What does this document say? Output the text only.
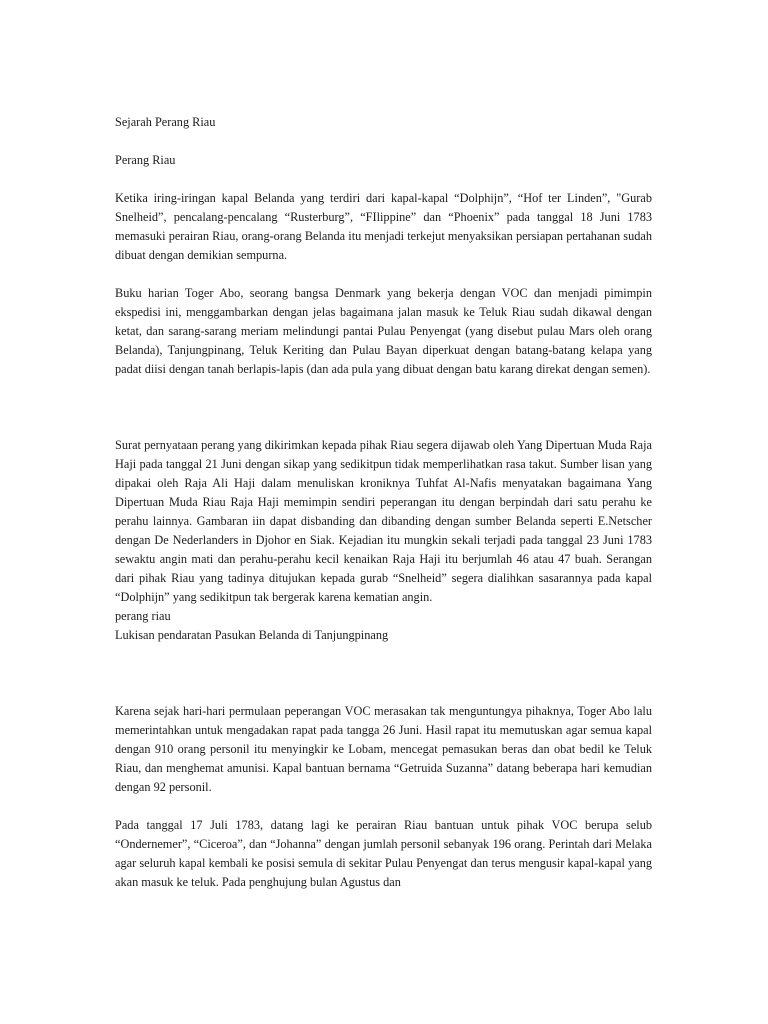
Sejarah Perang Riau
Perang Riau

Ketika iring-iringan kapal Belanda yang terdiri dari kapal-kapal “Dolphijn”, “Hof ter Linden”, "Gurab Snelheid”, pencalang-pencalang “Rusterburg”, “FIlippine” dan “Phoenix” pada tanggal 18 Juni 1783 memasuki perairan Riau, orang-orang Belanda itu menjadi terkejut menyaksikan persiapan pertahanan sudah dibuat dengan demikian sempurna.

Buku harian Toger Abo, seorang bangsa Denmark yang bekerja dengan VOC dan menjadi pimimpin ekspedisi ini, menggambarkan dengan jelas bagaimana jalan masuk ke Teluk Riau sudah dikawal dengan ketat, dan sarang-sarang meriam melindungi pantai Pulau Penyengat (yang disebut pulau Mars oleh orang Belanda), Tanjungpinang, Teluk Keriting dan Pulau Bayan diperkuat dengan batang-batang kelapa yang padat diisi dengan tanah berlapis-lapis (dan ada pula yang dibuat dengan batu karang direkat dengan semen).

Surat pernyataan perang yang dikirimkan kepada pihak Riau segera dijawab oleh Yang Dipertuan Muda Raja Haji pada tanggal 21 Juni dengan sikap yang sedikitpun tidak memperlihatkan rasa takut. Sumber lisan yang dipakai oleh Raja Ali Haji dalam menuliskan kroniknya Tuhfat Al-Nafis menyatakan bagaimana Yang Dipertuan Muda Riau Raja Haji memimpin sendiri peperangan itu dengan berpindah dari satu perahu ke perahu lainnya. Gambaran iin dapat disbanding dan dibanding dengan sumber Belanda seperti E.Netscher dengan De Nederlanders in Djohor en Siak. Kejadian itu mungkin sekali terjadi pada tanggal 23 Juni 1783 sewaktu angin mati dan perahu-perahu kecil kenaikan Raja Haji itu berjumlah 46 atau 47 buah. Serangan dari pihak Riau yang tadinya ditujukan kepada gurab “Snelheid” segera dialihkan sasarannya pada kapal “Dolphijn” yang sedikitpun tak bergerak karena kematian angin.

perang riau
Lukisan pendaratan Pasukan Belanda di Tanjungpinang

Karena sejak hari-hari permulaan peperangan VOC merasakan tak menguntungya pihaknya, Toger Abo lalu memerintahkan untuk mengadakan rapat pada tangga 26 Juni. Hasil rapat itu memutuskan agar semua kapal dengan 910 orang personil itu menyingkir ke Lobam, mencegat pemasukan beras dan obat bedil ke Teluk Riau, dan menghemat amunisi. Kapal bantuan bernama “Getruida Suzanna” datang beberapa hari kemudian dengan 92 personil.

Pada tanggal 17 Juli 1783, datang lagi ke perairan Riau bantuan untuk pihak VOC berupa selub “Ondernemer”, “Ciceroa”, dan “Johanna” dengan jumlah personil sebanyak 196 orang. Perintah dari Melaka agar seluruh kapal kembali ke posisi semula di sekitar Pulau Penyengat dan terus mengusir kapal-kapal yang akan masuk ke teluk. Pada penghujung bulan Agustus dan
